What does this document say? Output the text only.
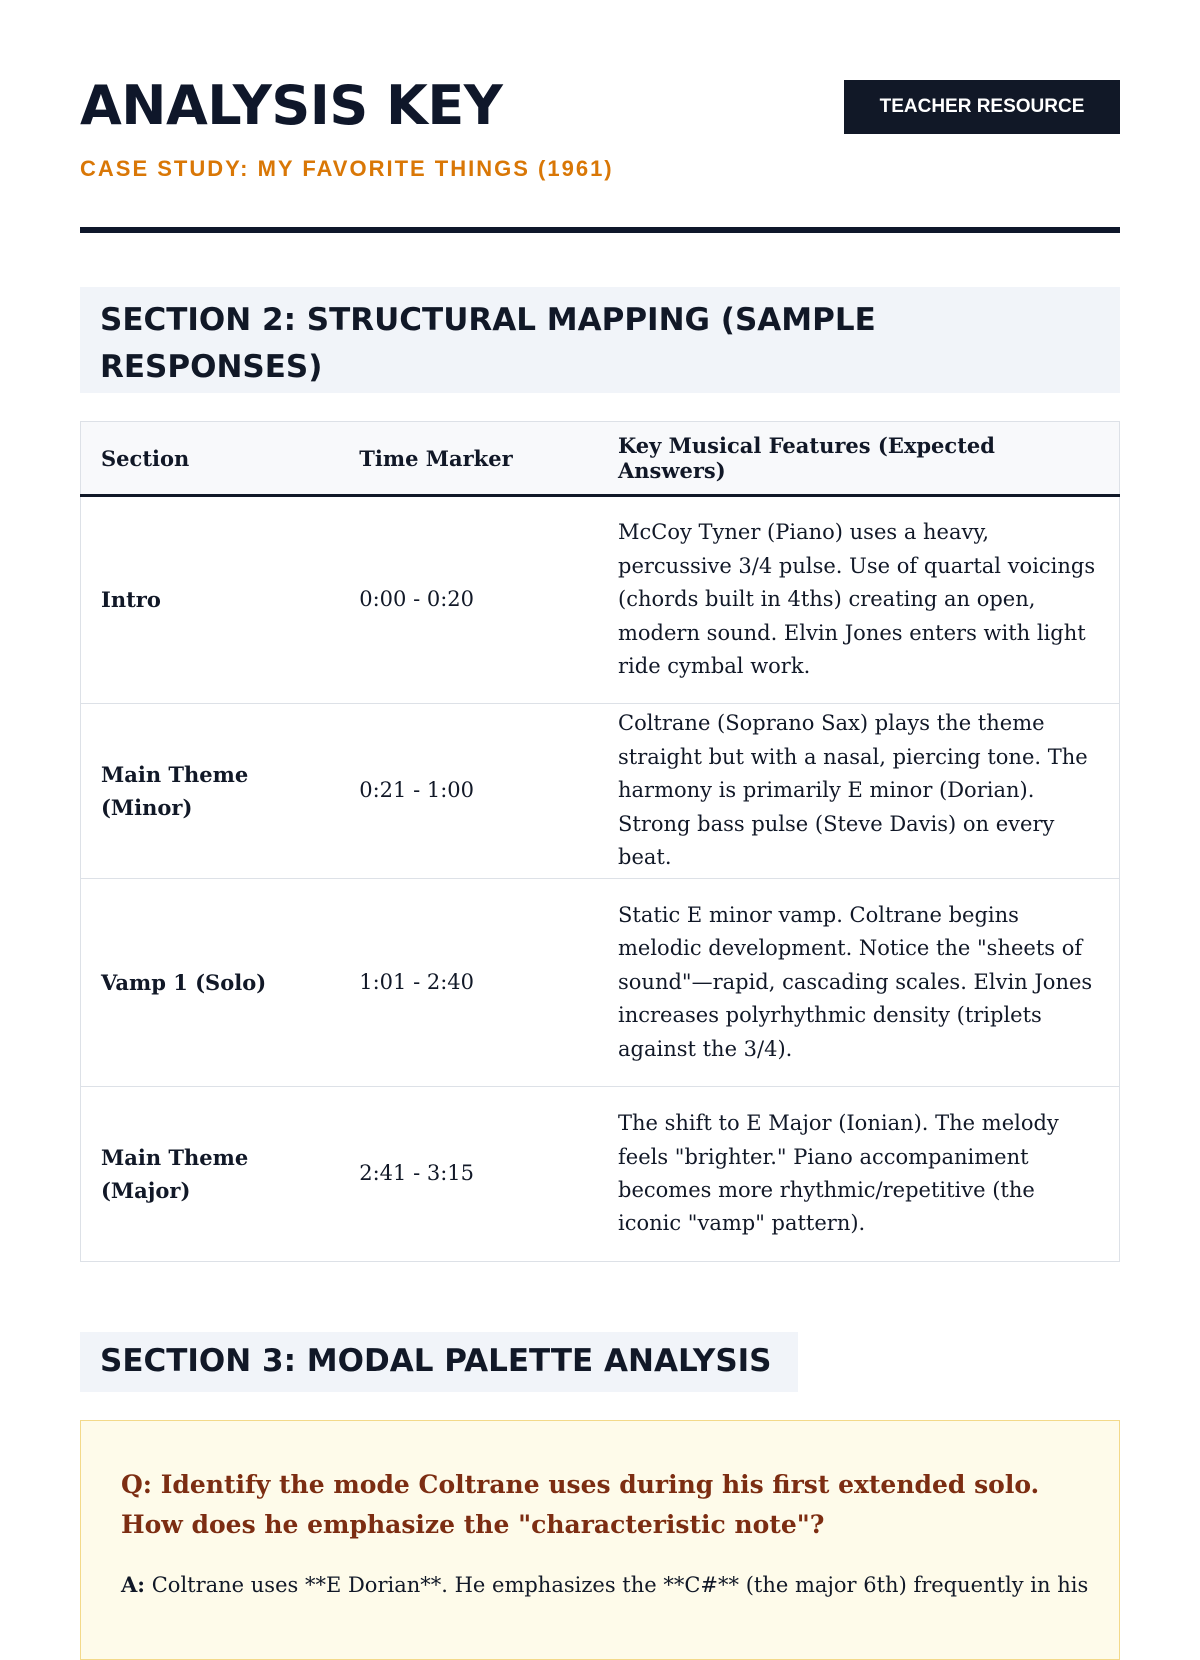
ANALYSIS KEY
CASE STUDY: MY FAVORITE THINGS (1961)
TEACHER RESOURCE
SECTION 2: STRUCTURAL MAPPING (SAMPLE RESPONSES)
Section	Time Marker	Key Musical Features (Expected Answers)
Intro	0:00 - 0:20	McCoy Tyner (Piano) uses a heavy, percussive 3/4 pulse. Use of quartal voicings (chords built in 4ths) creating an open, modern sound. Elvin Jones enters with light ride cymbal work.
Main Theme (Minor)	0:21 - 1:00	Coltrane (Soprano Sax) plays the theme straight but with a nasal, piercing tone. The harmony is primarily E minor (Dorian). Strong bass pulse (Steve Davis) on every beat.
Vamp 1 (Solo)	1:01 - 2:40	Static E minor vamp. Coltrane begins melodic development. Notice the "sheets of sound"—rapid, cascading scales. Elvin Jones increases polyrhythmic density (triplets against the 3/4).
Main Theme (Major)	2:41 - 3:15	The shift to E Major (Ionian). The melody feels "brighter." Piano accompaniment becomes more rhythmic/repetitive (the iconic "vamp" pattern).
SECTION 3: MODAL PALETTE ANALYSIS

Q: Identify the mode Coltrane uses during his first extended solo. How does he emphasize the "characteristic note"?

A: Coltrane uses **E Dorian**. He emphasizes the **C#** (the major 6th) frequently in his
